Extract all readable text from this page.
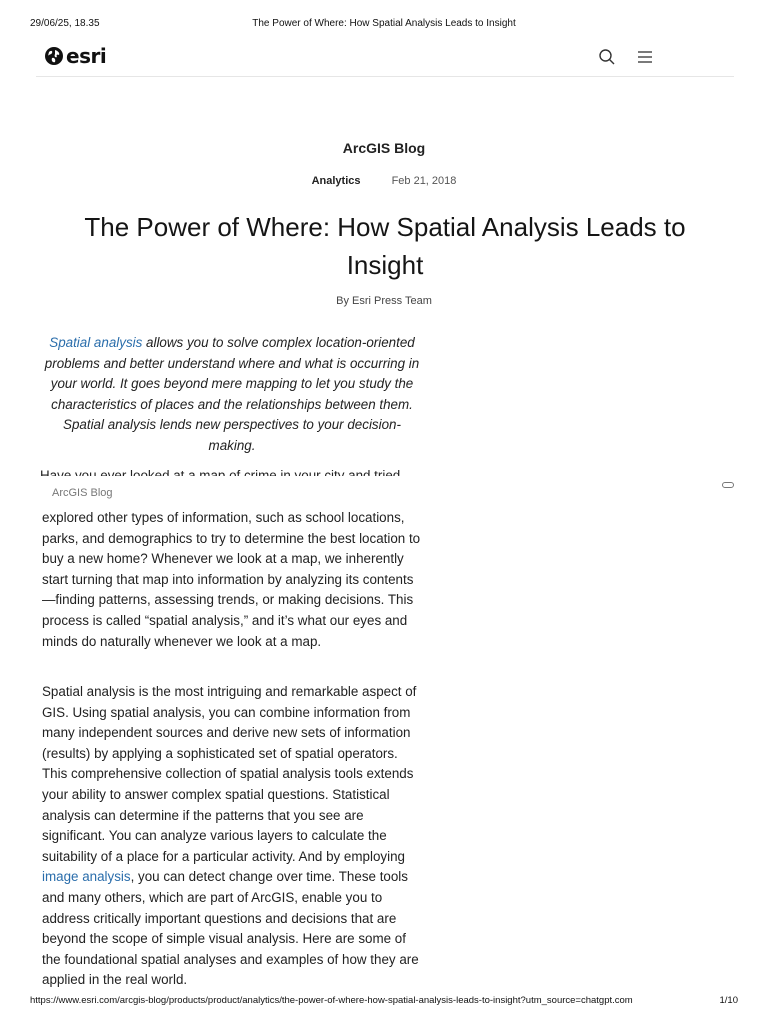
29/06/25, 18.35	The Power of Where: How Spatial Analysis Leads to Insight
esri
ArcGIS Blog
Analytics	Feb 21, 2018
The Power of Where: How Spatial Analysis Leads to Insight
By Esri Press Team

Spatial analysis allows you to solve complex location-oriented problems and better understand where and what is occurring in your world. It goes beyond mere mapping to let you study the characteristics of places and the relationships between them. Spatial analysis lends new perspectives to your decision-making.

ArcGIS Blog

explored other types of information, such as school locations, parks, and demographics to try to determine the best location to buy a new home? Whenever we look at a map, we inherently start turning that map into information by analyzing its contents—finding patterns, assessing trends, or making decisions. This process is called “spatial analysis,” and it’s what our eyes and minds do naturally whenever we look at a map.

Spatial analysis is the most intriguing and remarkable aspect of GIS. Using spatial analysis, you can combine information from many independent sources and derive new sets of information (results) by applying a sophisticated set of spatial operators. This comprehensive collection of spatial analysis tools extends your ability to answer complex spatial questions. Statistical analysis can determine if the patterns that you see are significant. You can analyze various layers to calculate the suitability of a place for a particular activity. And by employing image analysis, you can detect change over time. These tools and many others, which are part of ArcGIS, enable you to address critically important questions and decisions that are beyond the scope of simple visual analysis. Here are some of the foundational spatial analyses and examples of how they are applied in the real world.

https://www.esri.com/arcgis-blog/products/product/analytics/the-power-of-where-how-spatial-analysis-leads-to-insight?utm_source=chatgpt.com	1/10
